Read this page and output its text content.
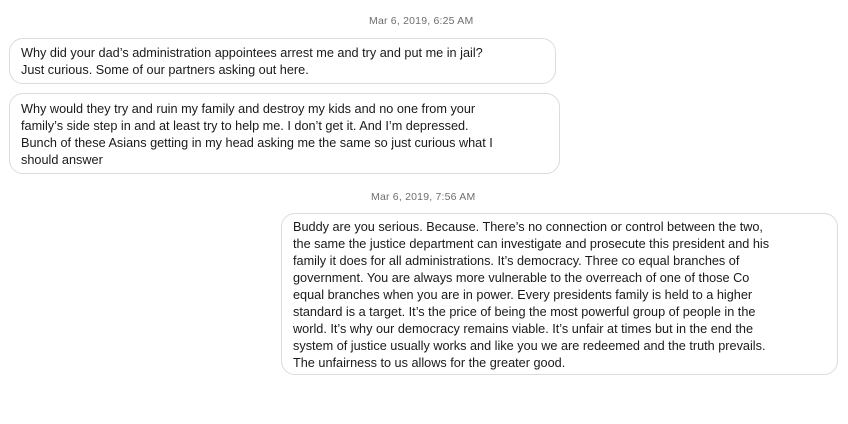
Mar 6, 2019, 6:25 AM
Why did your dad’s administration appointees arrest me and try and put me in jail?
Just curious. Some of our partners asking out here.
Why would they try and ruin my family and destroy my kids and no one from your
family’s side step in and at least try to help me. I don’t get it. And I’m depressed.
Bunch of these Asians getting in my head asking me the same so just curious what I
should answer
Mar 6, 2019, 7:56 AM
Buddy are you serious. Because. There’s no connection or control between the two,
the same the justice department can investigate and prosecute this president and his
family it does for all administrations. It’s democracy. Three co equal branches of
government. You are always more vulnerable to the overreach of one of those Co
equal branches when you are in power. Every presidents family is held to a higher
standard is a target. It’s the price of being the most powerful group of people in the
world. It’s why our democracy remains viable. It’s unfair at times but in the end the
system of justice usually works and like you we are redeemed and the truth prevails.
The unfairness to us allows for the greater good.
